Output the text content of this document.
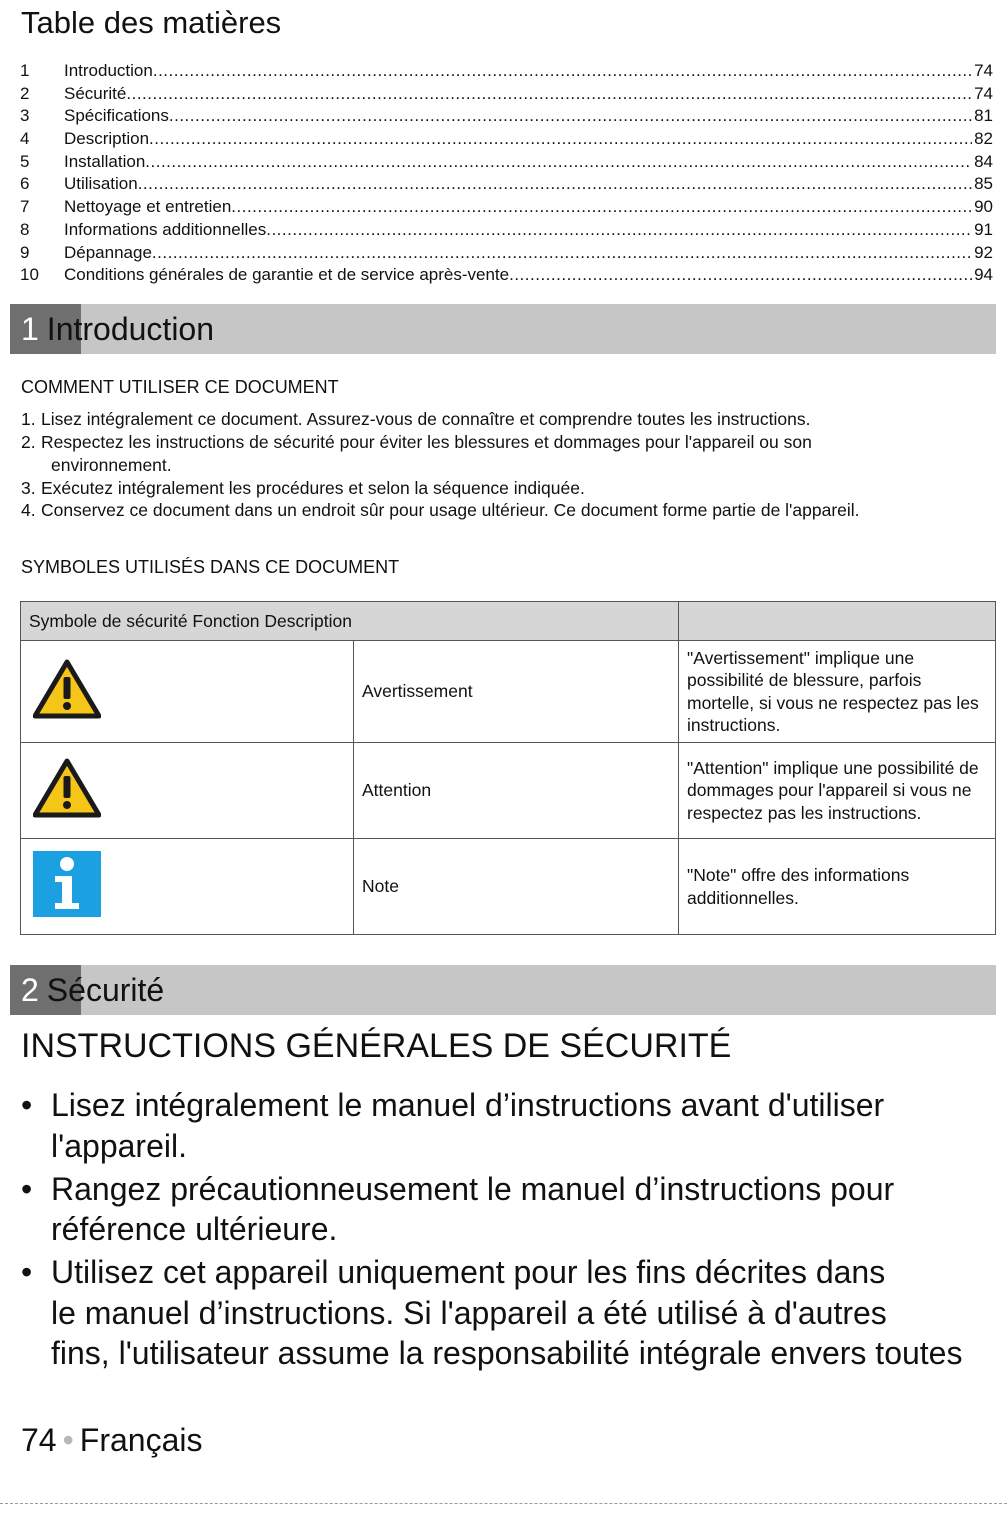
Table des matières
1	Introduction .....	74
2	Sécurité .....	74
3	Spécifications .....	81
4	Description .....	82
5	Installation .....	84
6	Utilisation .....	85
7	Nettoyage et entretien .....	90
8	Informations additionnelles .....	91
9	Dépannage .....	92
10	Conditions générales de garantie et de service après-vente .....	94
1 Introduction
COMMENT UTILISER CE DOCUMENT
1. Lisez intégralement ce document. Assurez-vous de connaître et comprendre toutes les instructions.
2. Respectez les instructions de sécurité pour éviter les blessures et dommages pour l'appareil ou son
environnement.
3. Exécutez intégralement les procédures et selon la séquence indiquée.
4. Conservez ce document dans un endroit sûr pour usage ultérieur. Ce document forme partie de l'appareil.
SYMBOLES UTILISÉS DANS CE DOCUMENT
Symbole de sécurité Fonction Description		
	Avertissement	"Avertissement" implique une possibilité de blessure, parfois mortelle, si vous ne respectez pas les instructions.
	Attention	"Attention" implique une possibilité de dommages pour l'appareil si vous ne respectez pas les instructions.
	Note	"Note" offre des informations additionnelles.
2 Sécurité
INSTRUCTIONS GÉNÉRALES DE SÉCURITÉ
• Lisez intégralement le manuel d’instructions avant d'utiliser
l'appareil.
• Rangez précautionneusement le manuel d’instructions pour
référence ultérieure.
• Utilisez cet appareil uniquement pour les fins décrites dans
le manuel d’instructions. Si l'appareil a été utilisé à d'autres
fins, l'utilisateur assume la responsabilité intégrale envers toutes
74 • Français
